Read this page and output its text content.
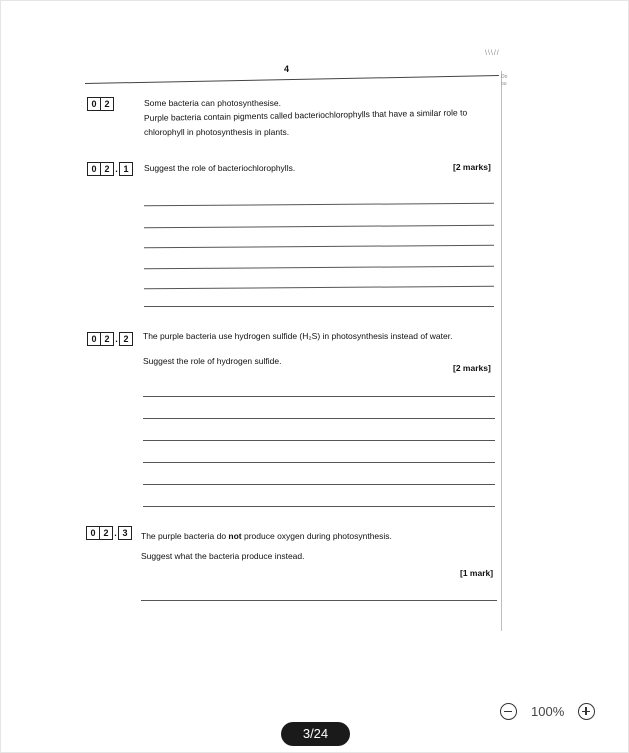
\\\//
Do
ou
4
0 2	Some bacteria can photosynthesise.
Purple bacteria contain pigments called bacteriochlorophylls that have a similar role to
chlorophyll in photosynthesis in plants.
0 2 . 1	Suggest the role of bacteriochlorophylls.	[2 marks]
0 2 . 2	The purple bacteria use hydrogen sulfide (H₂S) in photosynthesis instead of water.
Suggest the role of hydrogen sulfide.
[2 marks]
0 2 . 3	The purple bacteria do not produce oxygen during photosynthesis.
Suggest what the bacteria produce instead.
[1 mark]
100%
3/24
